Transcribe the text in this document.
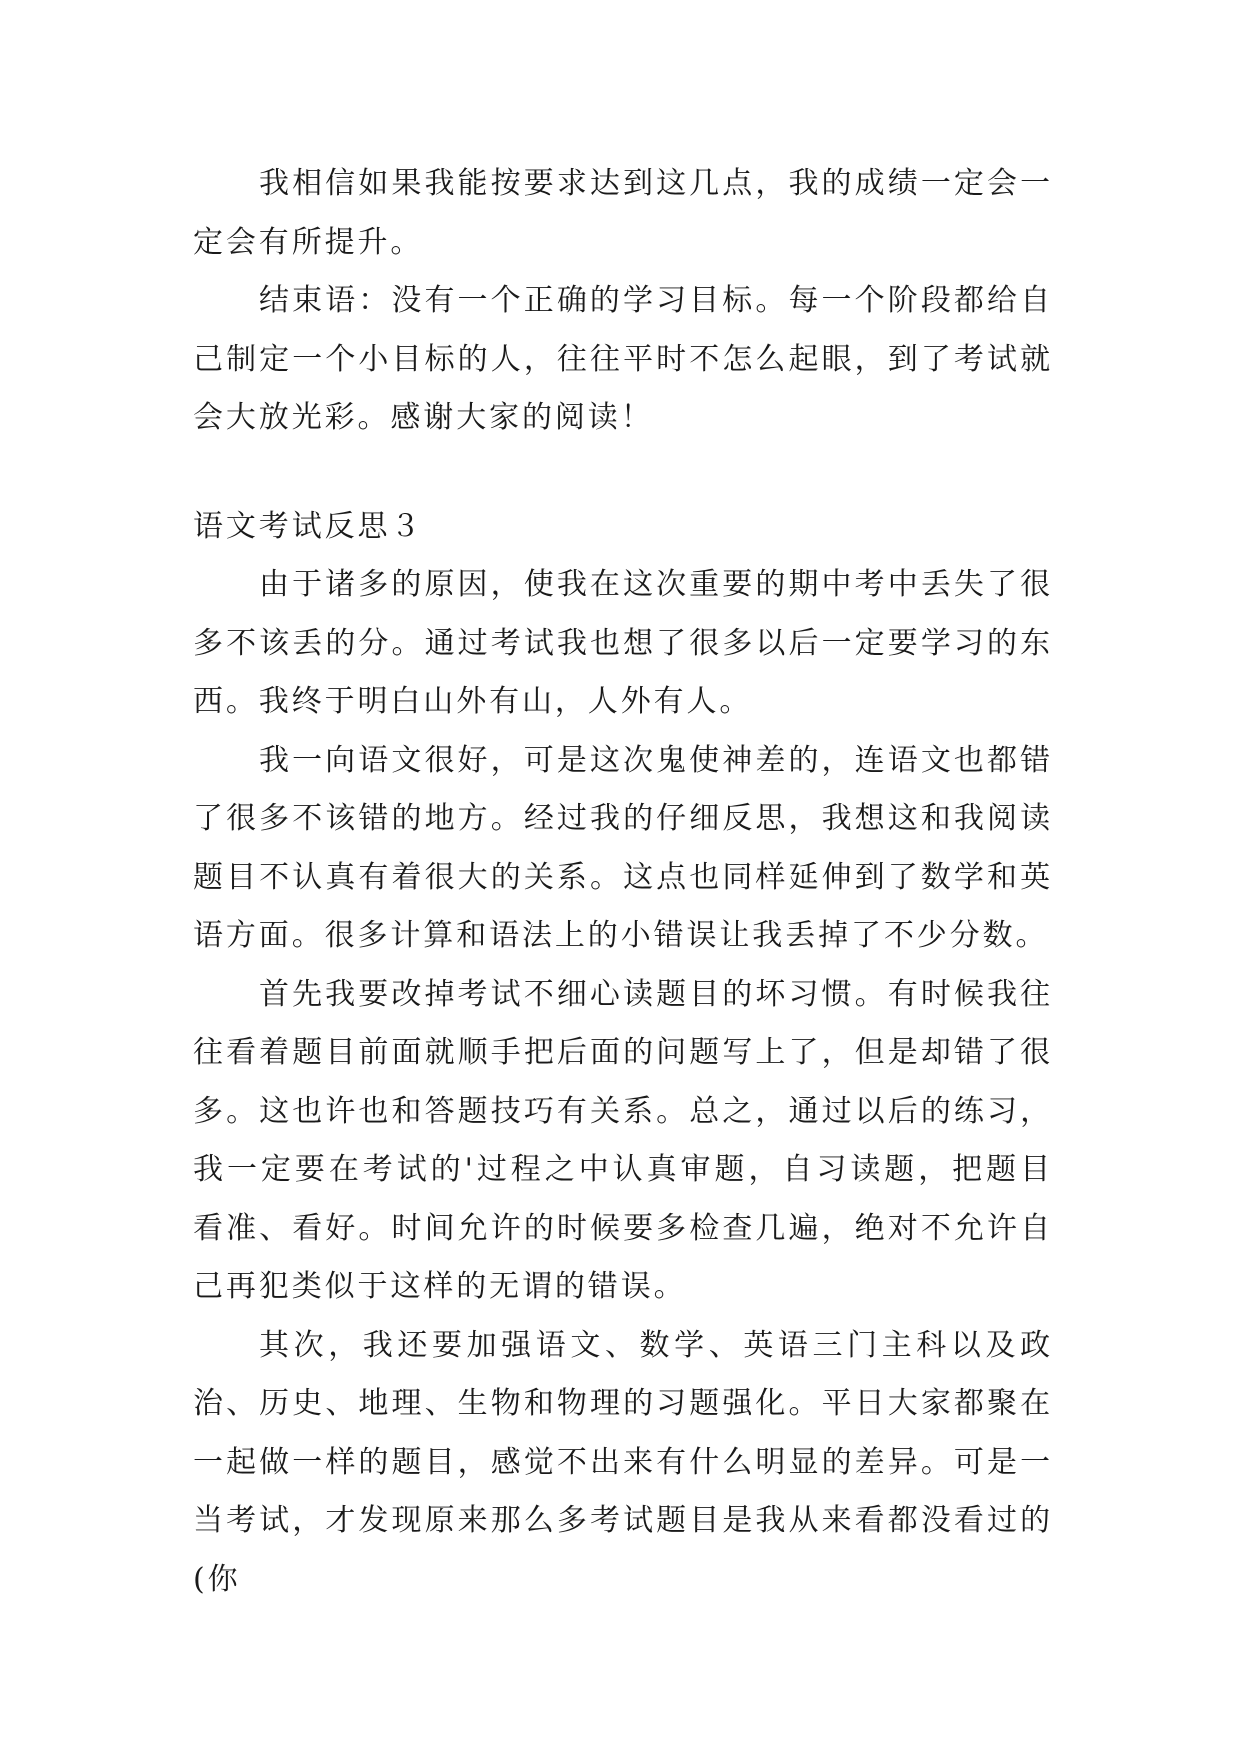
我相信如果我能按要求达到这几点，我的成绩一定会一定会有所提升。

结束语：没有一个正确的学习目标。每一个阶段都给自己制定一个小目标的人，往往平时不怎么起眼，到了考试就会大放光彩。感谢大家的阅读！

语文考试反思３

由于诸多的原因，使我在这次重要的期中考中丢失了很多不该丢的分。通过考试我也想了很多以后一定要学习的东西。我终于明白山外有山，人外有人。

我一向语文很好，可是这次鬼使神差的，连语文也都错了很多不该错的地方。经过我的仔细反思，我想这和我阅读题目不认真有着很大的关系。这点也同样延伸到了数学和英语方面。很多计算和语法上的小错误让我丢掉了不少分数。

首先我要改掉考试不细心读题目的坏习惯。有时候我往往看着题目前面就顺手把后面的问题写上了，但是却错了很多。这也许也和答题技巧有关系。总之，通过以后的练习，我一定要在考试的'过程之中认真审题，自习读题，把题目看准、看好。时间允许的时候要多检查几遍，绝对不允许自己再犯类似于这样的无谓的错误。

其次，我还要加强语文、数学、英语三门主科以及政治、历史、地理、生物和物理的习题强化。平日大家都聚在一起做一样的题目，感觉不出来有什么明显的差异。可是一当考试，才发现原来那么多考试题目是我从来看都没看过的(你
